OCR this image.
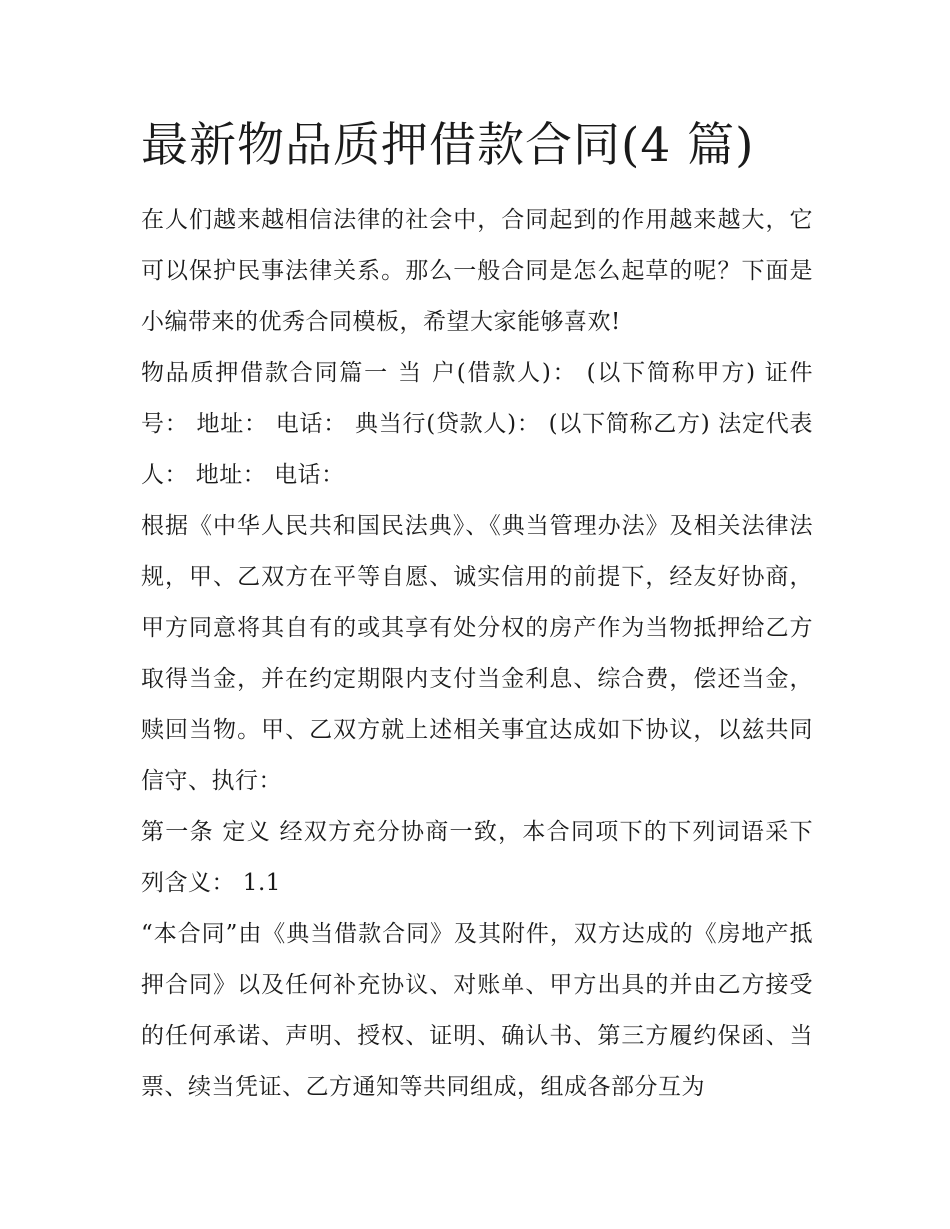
最新物品质押借款合同(4 篇)

在人们越来越相信法律的社会中，合同起到的作用越来越大，它可以保护民事法律关系。那么一般合同是怎么起草的呢？下面是小编带来的优秀合同模板，希望大家能够喜欢!

物品质押借款合同篇一 当 户(借款人)： (以下简称甲方) 证件号： 地址： 电话： 典当行(贷款人)： (以下简称乙方) 法定代表人： 地址： 电话：

根据《中华人民共和国民法典》、《典当管理办法》及相关法律法规，甲、乙双方在平等自愿、诚实信用的前提下，经友好协商，甲方同意将其自有的或其享有处分权的房产作为当物抵押给乙方取得当金，并在约定期限内支付当金利息、综合费，偿还当金，赎回当物。甲、乙双方就上述相关事宜达成如下协议，以兹共同信守、执行：

第一条 定义 经双方充分协商一致，本合同项下的下列词语采下列含义： 1.1

“本合同”由《典当借款合同》及其附件，双方达成的《房地产抵押合同》以及任何补充协议、对账单、甲方出具的并由乙方接受的任何承诺、声明、授权、证明、确认书、第三方履约保函、当票、续当凭证、乙方通知等共同组成，组成各部分互为
